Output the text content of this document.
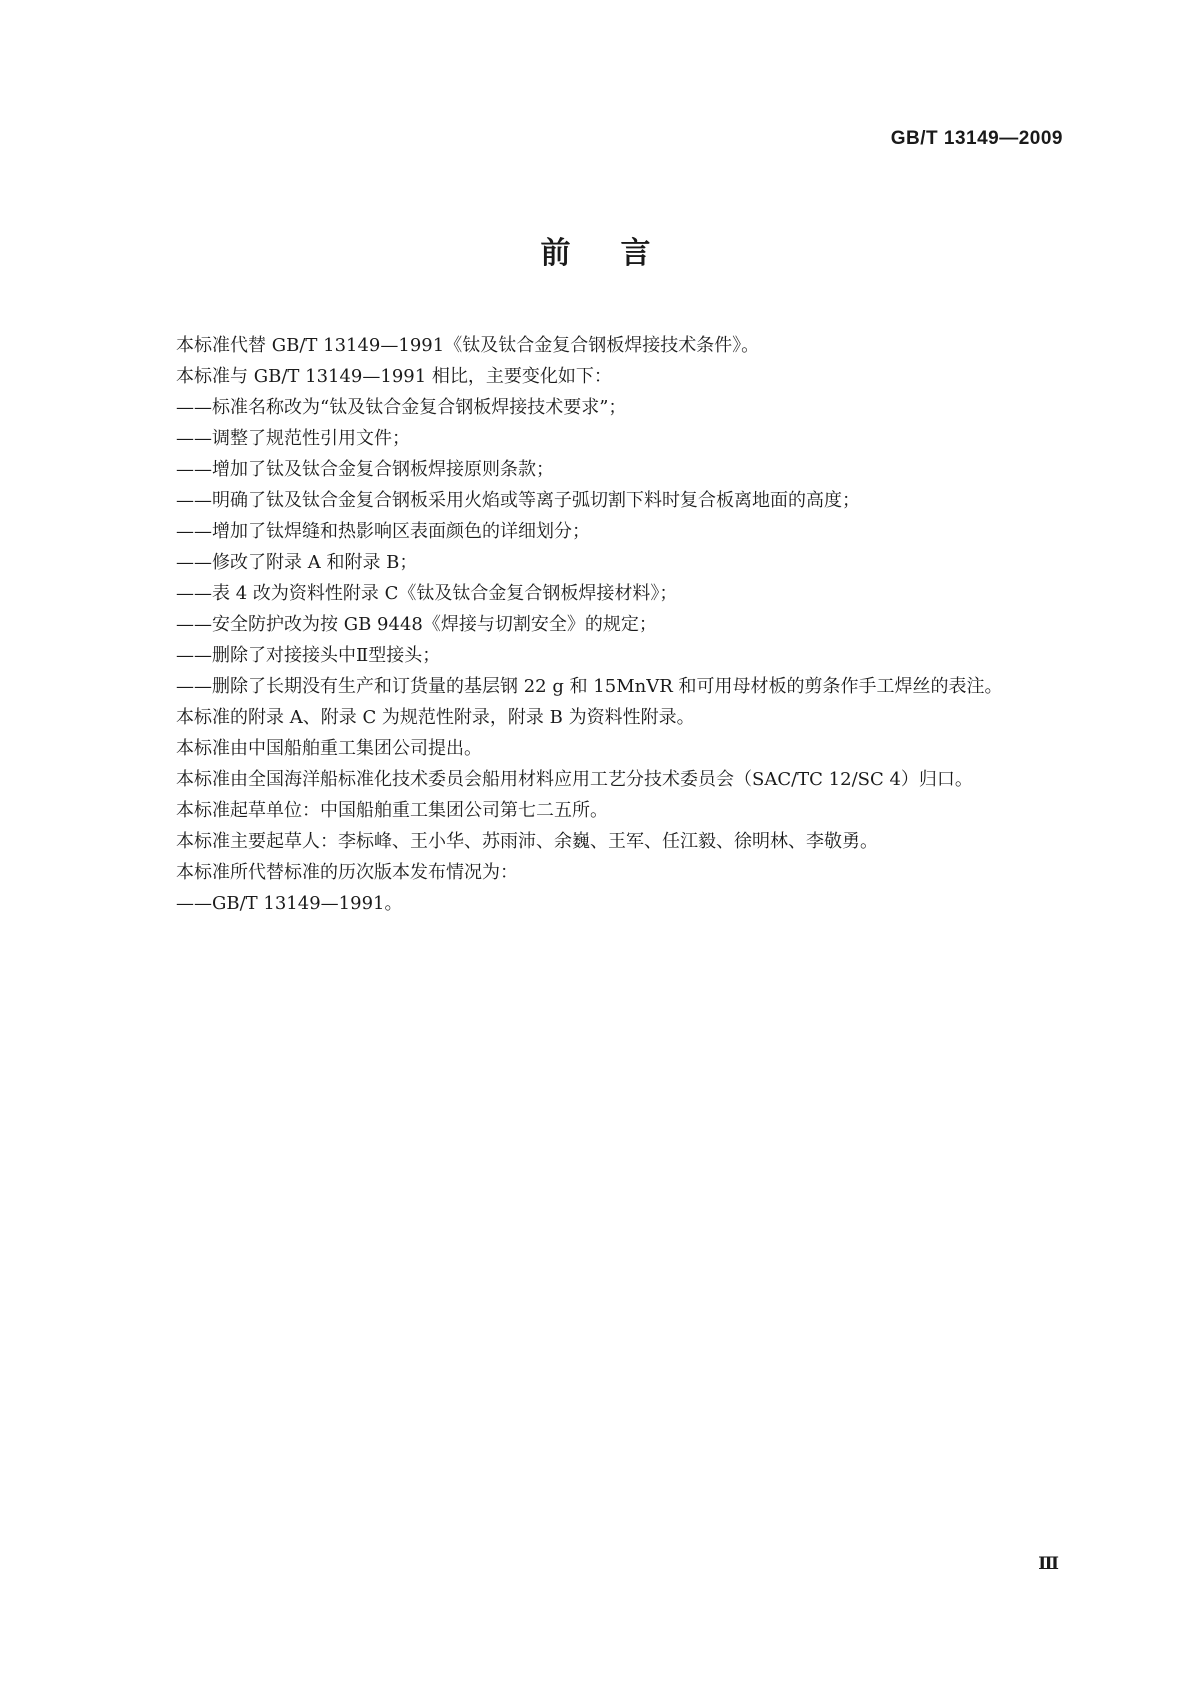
GB/T 13149—2009
前言

本标准代替 GB/T 13149—1991《钛及钛合金复合钢板焊接技术条件》。

本标准与 GB/T 13149—1991 相比，主要变化如下：

——标准名称改为“钛及钛合金复合钢板焊接技术要求”；

——调整了规范性引用文件；

——增加了钛及钛合金复合钢板焊接原则条款；

——明确了钛及钛合金复合钢板采用火焰或等离子弧切割下料时复合板离地面的高度；

——增加了钛焊缝和热影响区表面颜色的详细划分；

——修改了附录 A 和附录 B；

——表 4 改为资料性附录 C《钛及钛合金复合钢板焊接材料》；

——安全防护改为按 GB 9448《焊接与切割安全》的规定；

——删除了对接接头中Ⅱ型接头；

——删除了长期没有生产和订货量的基层钢 22 g 和 15MnVR 和可用母材板的剪条作手工焊丝的表注。

本标准的附录 A、附录 C 为规范性附录，附录 B 为资料性附录。

本标准由中国船舶重工集团公司提出。

本标准由全国海洋船标准化技术委员会船用材料应用工艺分技术委员会（SAC/TC 12/SC 4）归口。

本标准起草单位：中国船舶重工集团公司第七二五所。

本标准主要起草人：李标峰、王小华、苏雨沛、余巍、王军、任江毅、徐明林、李敬勇。

本标准所代替标准的历次版本发布情况为：

——GB/T 13149—1991。

Ⅲ
